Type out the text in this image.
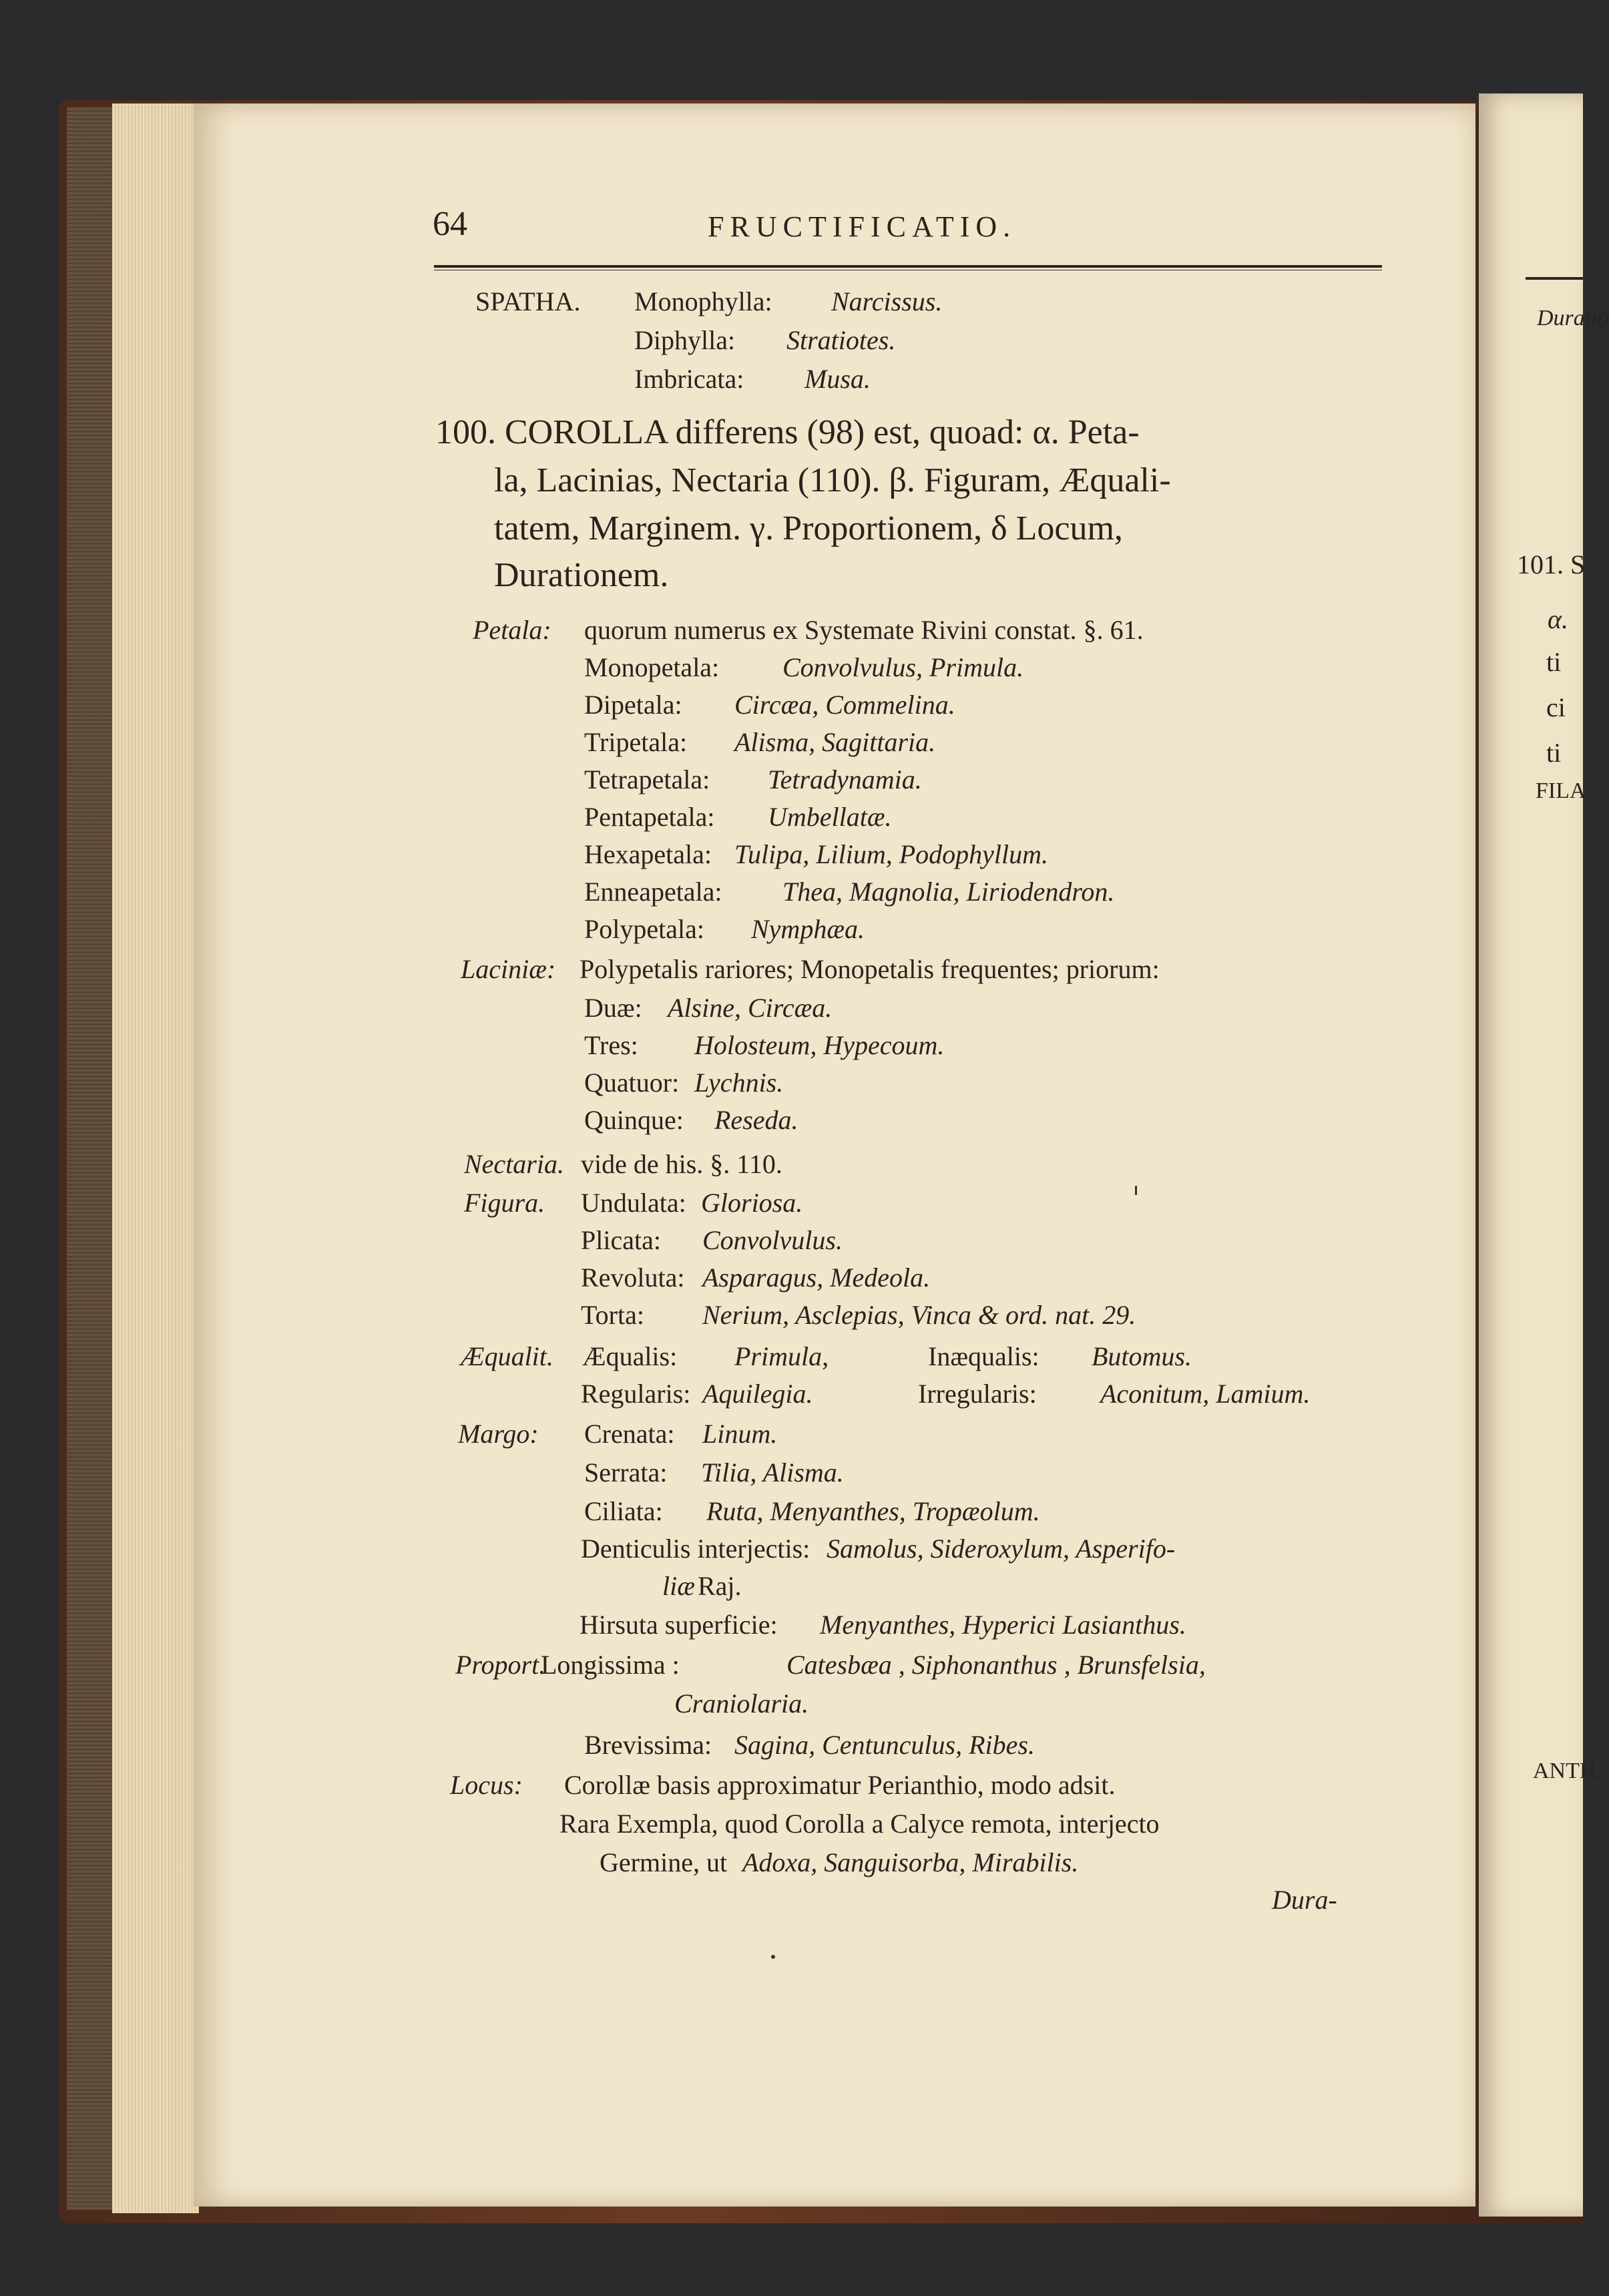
64	FRUCTIFICATIO.
SPATHA. Monophylla: Narcissus.
Diphylla: Stratiotes.
Imbricata: Musa.
100. COROLLA differens (98) est, quoad: α. Peta-
la, Lacinias, Nectaria (110). β. Figuram, Æquali-
tatem, Marginem. γ. Proportionem, δ Locum,
Durationem.
Petala: quorum numerus ex Systemate Rivini constat. §. 61.
Monopetala: Convolvulus, Primula.
Dipetala: Circæa, Commelina.
Tripetala: Alisma, Sagittaria.
Tetrapetala: Tetradynamia.
Pentapetala: Umbellatæ.
Hexapetala: Tulipa, Lilium, Podophyllum.
Enneapetala: Thea, Magnolia, Liriodendron.
Polypetala: Nymphæa.
Laciniæ: Polypetalis rariores; Monopetalis frequentes; priorum:
Duæ: Alsine, Circæa.
Tres: Holosteum, Hypecoum.
Quatuor: Lychnis.
Quinque: Reseda.
Nectaria. vide de his. §. 110.
Figura. Undulata: Gloriosa.
Plicata: Convolvulus.
Revoluta: Asparagus, Medeola.
Torta: Nerium, Asclepias, Vinca & ord. nat. 29.
Æqualit. Æqualis: Primula,	Inæqualis: Butomus.
Regularis: Aquilegia.	Irregularis: Aconitum, Lamium.
Margo: Crenata: Linum.
Serrata: Tilia, Alisma.
Ciliata: Ruta, Menyanthes, Tropæolum.
Denticulis interjectis: Samolus, Sideroxylum, Asperifo-
liæ Raj.
Hirsuta superficie: Menyanthes, Hyperici Lasianthus.
Proport.
Longissima :	Catesbæa , Siphonanthus , Brunsfelsia,
Craniolaria.
Brevissima: Sagina, Centunculus, Ribes.
Locus: Corollæ basis approximatur Perianthio, modo adsit.
Rara Exempla, quod Corolla a Calyce remota, interjecto
Germine, ut Adoxa, Sanguisorba, Mirabilis.
Dura-
Duratio
101. S
α.
ti
ci
ti
FILA
ANTH.
